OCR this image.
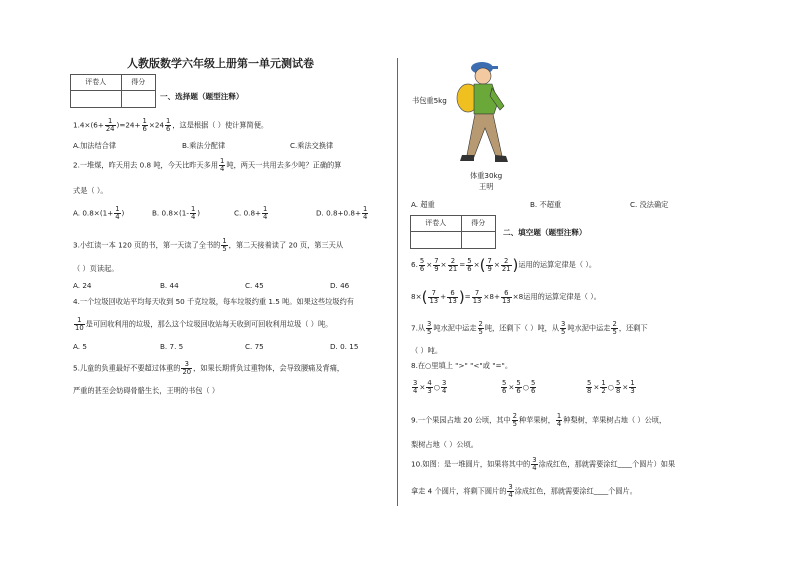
人教版数学六年级上册第一单元测试卷
评卷人	得分

一、选择题（题型注释）
$1.4\times(6+ \frac{1}{24} )=24+ \frac{1}{6} \times 24 \frac{1}{6}$ ，这是根据（ ）使计算简便。
A.加法结合律	B.乘法分配律	C.乘法交换律
2.一堆煤，昨天用去 0.8 吨，今天比昨天多用 $\frac{1}{4}$ 吨，两天一共用去多少吨？正确的算
式是（ ）。
A. $0.8\times(1+ \frac{1}{4}$ )	B. $0.8\times(1- \frac{1}{4}$ )	C. $0.8+ \frac{1}{4}$	D. $0.8+0.8+ \frac{1}{4}$
3.小红读一本 120 页的书，第一天读了全书的 $\frac{1}{5}$ ，第二天接着读了 20 页，第三天从
（ ）页读起。
A. 24	B. 44	C. 45	D. 46
4.一个垃圾回收站平均每天收到 50 千克垃圾，每车垃圾约重 1.5 吨。如果这些垃圾约有
$\frac{1}{10}$ 是可回收利用的垃圾，那么这个垃圾回收站每天收到可回收利用垃圾（ ）吨。
A. 5	B. 7. 5	C. 75	D. 0. 15
5.儿童的负重最好不要超过体重的 $\frac{3}{20}$ ，如果长期背负过重物体，会导致腰痛及背痛，
严重的甚至会妨碍骨骼生长，王明的书包（ ）
书包重5kg
体重30kg
王明
A. 超重	B. 不超重	C. 没法确定
评卷人	得分

二、填空题（题型注释）
6. $\frac{5}{6} \times \frac{7}{9} \times \frac{2}{21} = \frac{5}{6}$ ×( $\frac{7}{9} \times \frac{2}{21}$ )运用的运算定律是（ ）。
$8\times( \frac{7}{13} + \frac{6}{13}$ )= $\frac{7}{13} \times 8+ \frac{6}{13} \times 8$运用的运算定律是（ ）。
7.从 $\frac{3}{5}$ 吨水泥中运走 $\frac{2}{5}$ 吨，还剩下（ ）吨，从 $\frac{3}{5}$ 吨水泥中运走 $\frac{2}{5}$ ，还剩下
（ ）吨。
8.在○里填上 ">" "<"或 "="。
$\frac{3}{4} \times \frac{4}{3}$ ○ $\frac{3}{4}$	$\frac{5}{6} \times \frac{5}{6}$ ○ $\frac{5}{6}$	$\frac{5}{8} \times \frac{1}{2}$ ○ $\frac{5}{8} \times \frac{1}{3}$
9.一个果园占地 20 公顷，其中 $\frac{2}{5}$ 种苹果树， $\frac{1}{4}$ 种梨树，苹果树占地（ ）公顷，
梨树占地（ ）公顷。
10.如图：是一堆圆片，如果将其中的 $\frac{3}{4}$ 涂成红色，那就需要涂红____个圆片）如果
拿走 4 个圆片，将剩下圆片的 $\frac{3}{4}$ 涂成红色，那就需要涂红____个圆片。
